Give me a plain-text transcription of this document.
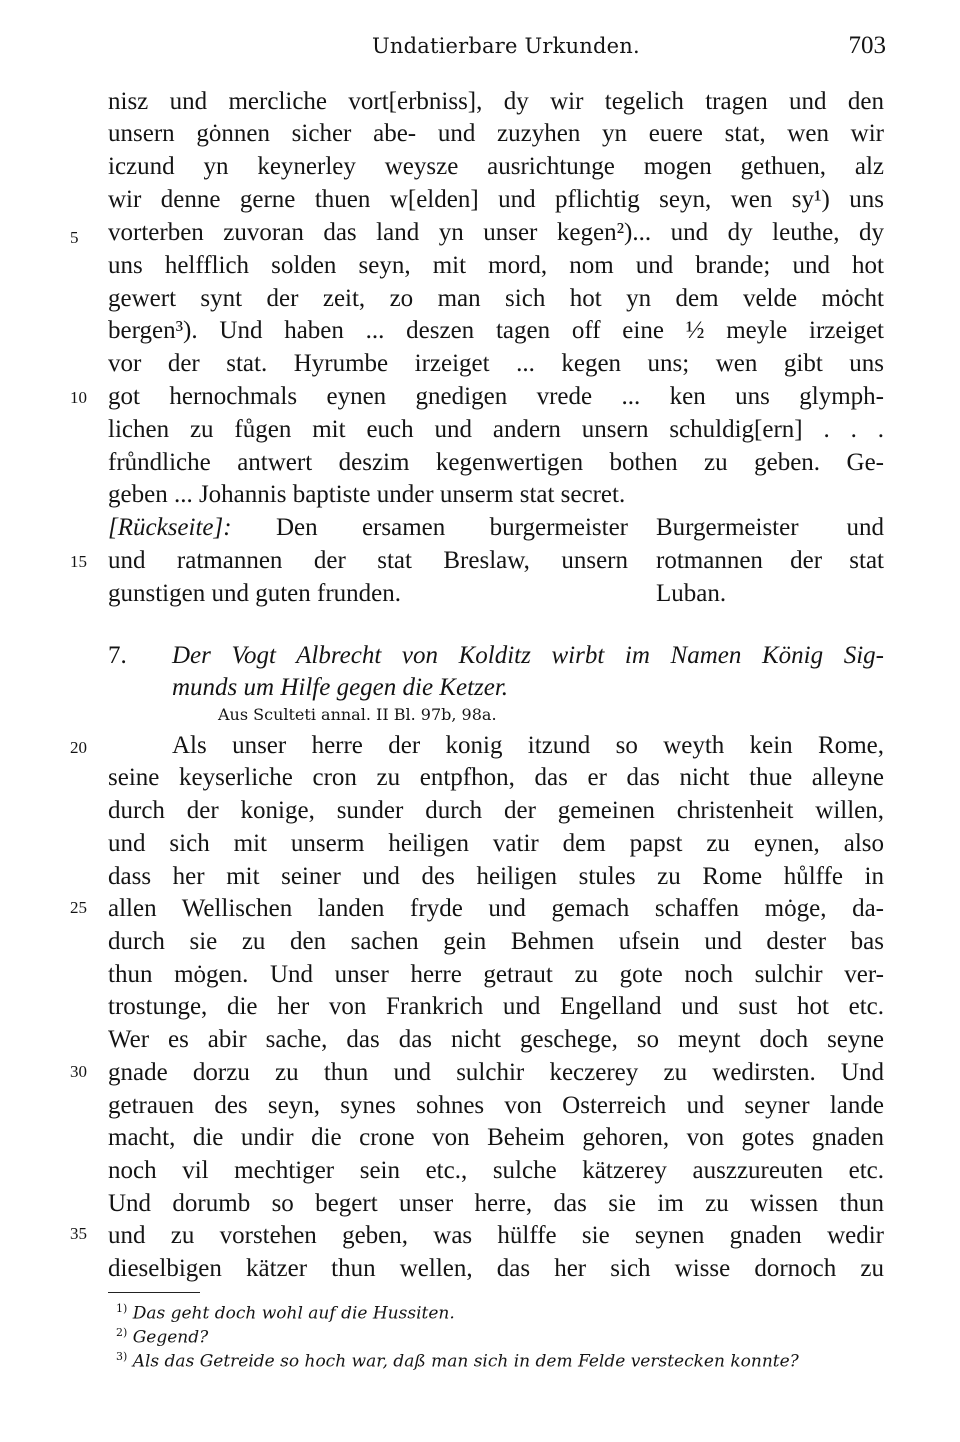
Undatierbare Urkunden.	703
5
10
15
20
25
30
35
nisz und mercliche vort[erbniss], dy wir tegelich tragen und den
unsern gȯnnen sicher abe- und zuzyhen yn euere stat, wen wir
iczund yn keynerley weysze ausrichtunge mogen gethuen, alz
wir denne gerne thuen w[elden] und pflichtig seyn, wen sy¹) uns
vorterben zuvoran das land yn unser kegen²)... und dy leuthe, dy
uns helfflich solden seyn, mit mord, nom und brande; und hot
gewert synt der zeit, zo man sich hot yn dem velde mȯcht
bergen³). Und haben ... deszen tagen off eine ½ meyle irzeiget
vor der stat. Hyrumbe irzeiget ... kegen uns; wen gibt uns
got hernochmals eynen gnedigen vrede ... ken uns glymph-
lichen zu fůgen mit euch und andern unsern schuldig[ern] . . .
frůndliche antwert deszim kegenwertigen bothen zu geben. Ge-
geben ... Johannis baptiste under unserm stat secret.
[Rückseite]: Den ersamen burgermeister
und ratmannen der stat Breslaw, unsern
gunstigen und guten frunden.
Burgermeister und
rotmannen der stat
Luban.
7. Der Vogt Albrecht von Kolditz wirbt im Namen König Sig-
munds um Hilfe gegen die Ketzer.
Aus Sculteti annal. II Bl. 97b, 98a.
Als unser herre der konig itzund so weyth kein Rome,
seine keyserliche cron zu entpfhon, das er das nicht thue alleyne
durch der konige, sunder durch der gemeinen christenheit willen,
und sich mit unserm heiligen vatir dem papst zu eynen, also
dass her mit seiner und des heiligen stules zu Rome hůlffe in
allen Wellischen landen fryde und gemach schaffen mȯge, da-
durch sie zu den sachen gein Behmen ufsein und dester bas
thun mȯgen. Und unser herre getraut zu gote noch sulchir ver-
trostunge, die her von Frankrich und Engelland und sust hot etc.
Wer es abir sache, das das nicht geschege, so meynt doch seyne
gnade dorzu zu thun und sulchir keczerey zu wedirsten. Und
getrauen des seyn, synes sohnes von Osterreich und seyner lande
macht, die undir die crone von Beheim gehoren, von gotes gnaden
noch vil mechtiger sein etc., sulche kätzerey auszzureuten etc.
Und dorumb so begert unser herre, das sie im zu wissen thun
und zu vorstehen geben, was hülffe sie seynen gnaden wedir
dieselbigen kätzer thun wellen, das her sich wisse dornoch zu
$^{1)}$ Das geht doch wohl auf die Hussiten.
$^{2)}$ Gegend?
$^{3)}$ Als das Getreide so hoch war, daß man sich in dem Felde verstecken konnte?
